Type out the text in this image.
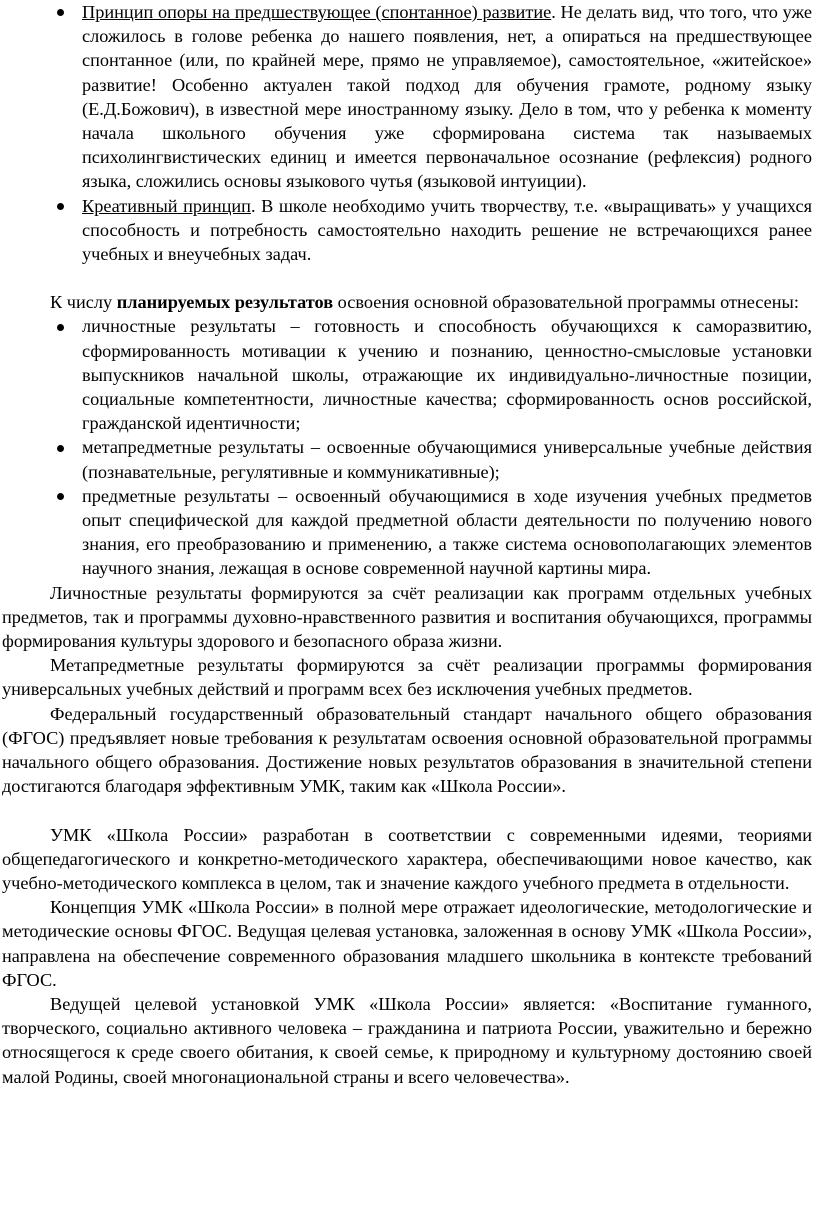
Принцип опоры на предшествующее (спонтанное) развитие. Не делать вид, что того, что уже сложилось в голове ребенка до нашего появления, нет, а опираться на предшествующее спонтанное (или, по крайней мере, прямо не управляемое), самостоятельное, «житейское» развитие! Особенно актуален такой подход для обучения грамоте, родному языку (Е.Д.Божович), в известной мере иностранному языку. Дело в том, что у ребенка к моменту начала школьного обучения уже сформирована система так называемых психолингвистических единиц и имеется первоначальное осознание (рефлексия) родного языка, сложились основы языкового чутья (языковой интуиции).
Креативный принцип. В школе необходимо учить творчеству, т.е. «выращивать» у учащихся способность и потребность самостоятельно находить решение не встречающихся ранее учебных и внеучебных задач.

К числу планируемых результатов освоения основной образовательной программы отнесены:

личностные результаты – готовность и способность обучающихся к саморазвитию, сформированность мотивации к учению и познанию, ценностно-смысловые установки выпускников начальной школы, отражающие их индивидуально-личностные позиции, социальные компетентности, личностные качества; сформированность основ российской, гражданской идентичности;
метапредметные результаты – освоенные обучающимися универсальные учебные действия (познавательные, регулятивные и коммуникативные);
предметные результаты – освоенный обучающимися в ходе изучения учебных предметов опыт специфической для каждой предметной области деятельности по получению нового знания, его преобразованию и применению, а также система основополагающих элементов научного знания, лежащая в основе современной научной картины мира.

Личностные результаты формируются за счёт реализации как программ отдельных учебных предметов, так и программы духовно-нравственного развития и воспитания обучающихся, программы формирования культуры здорового и безопасного образа жизни.

Метапредметные результаты формируются за счёт реализации программы формирования универсальных учебных действий и программ всех без исключения учебных предметов.

Федеральный государственный образовательный стандарт начального общего образования (ФГОС) предъявляет новые требования к результатам освоения основной образовательной программы начального общего образования. Достижение новых результатов образования в значительной степени достигаются благодаря эффективным УМК, таким как «Школа России».

УМК «Школа России» разработан в соответствии с современными идеями, теориями общепедагогического и конкретно-методического характера, обеспечивающими новое качество, как учебно-методического комплекса в целом, так и значение каждого учебного предмета в отдельности.

Концепция УМК «Школа России» в полной мере отражает идеологические, методологические и методические основы ФГОС. Ведущая целевая установка, заложенная в основу УМК «Школа России», направлена на обеспечение современного образования младшего школьника в контексте требований ФГОС.

Ведущей целевой установкой УМК «Школа России» является: «Воспитание гуманного, творческого, социально активного человека – гражданина и патриота России, уважительно и бережно относящегося к среде своего обитания, к своей семье, к природному и культурному достоянию своей малой Родины, своей многонациональной страны и всего человечества».
